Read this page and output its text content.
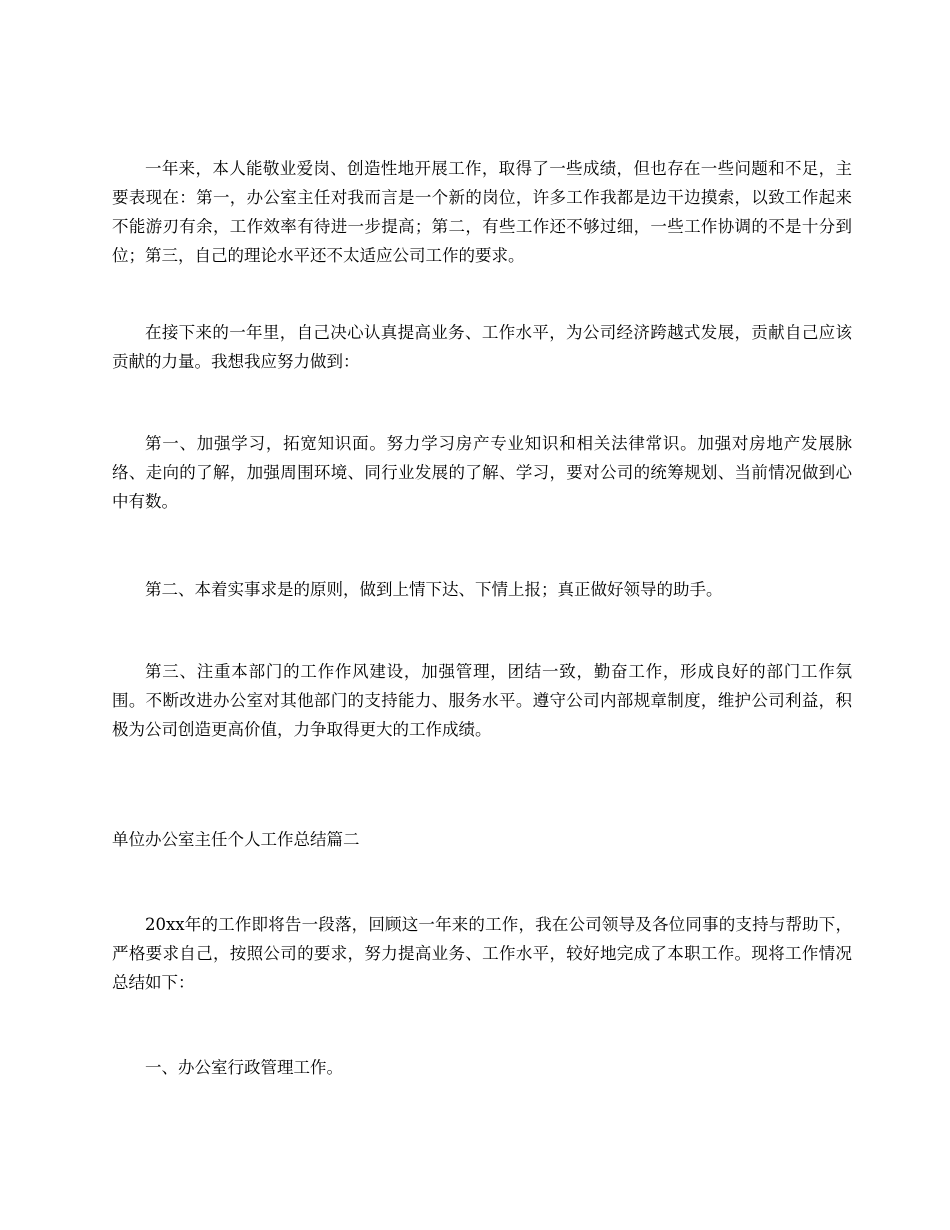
一年来，本人能敬业爱岗、创造性地开展工作，取得了一些成绩，但也存在一些问题和不足，主要表现在：第一，办公室主任对我而言是一个新的岗位，许多工作我都是边干边摸索，以致工作起来不能游刃有余，工作效率有待进一步提高；第二，有些工作还不够过细，一些工作协调的不是十分到位；第三，自己的理论水平还不太适应公司工作的要求。

在接下来的一年里，自己决心认真提高业务、工作水平，为公司经济跨越式发展，贡献自己应该贡献的力量。我想我应努力做到：

第一、加强学习，拓宽知识面。努力学习房产专业知识和相关法律常识。加强对房地产发展脉络、走向的了解，加强周围环境、同行业发展的了解、学习，要对公司的统筹规划、当前情况做到心中有数。

第二、本着实事求是的原则，做到上情下达、下情上报；真正做好领导的助手。

第三、注重本部门的工作作风建设，加强管理，团结一致，勤奋工作，形成良好的部门工作氛围。不断改进办公室对其他部门的支持能力、服务水平。遵守公司内部规章制度，维护公司利益，积极为公司创造更高价值，力争取得更大的工作成绩。

单位办公室主任个人工作总结篇二

20xx年的工作即将告一段落，回顾这一年来的工作，我在公司领导及各位同事的支持与帮助下，严格要求自己，按照公司的要求，努力提高业务、工作水平，较好地完成了本职工作。现将工作情况总结如下：

一、办公室行政管理工作。
